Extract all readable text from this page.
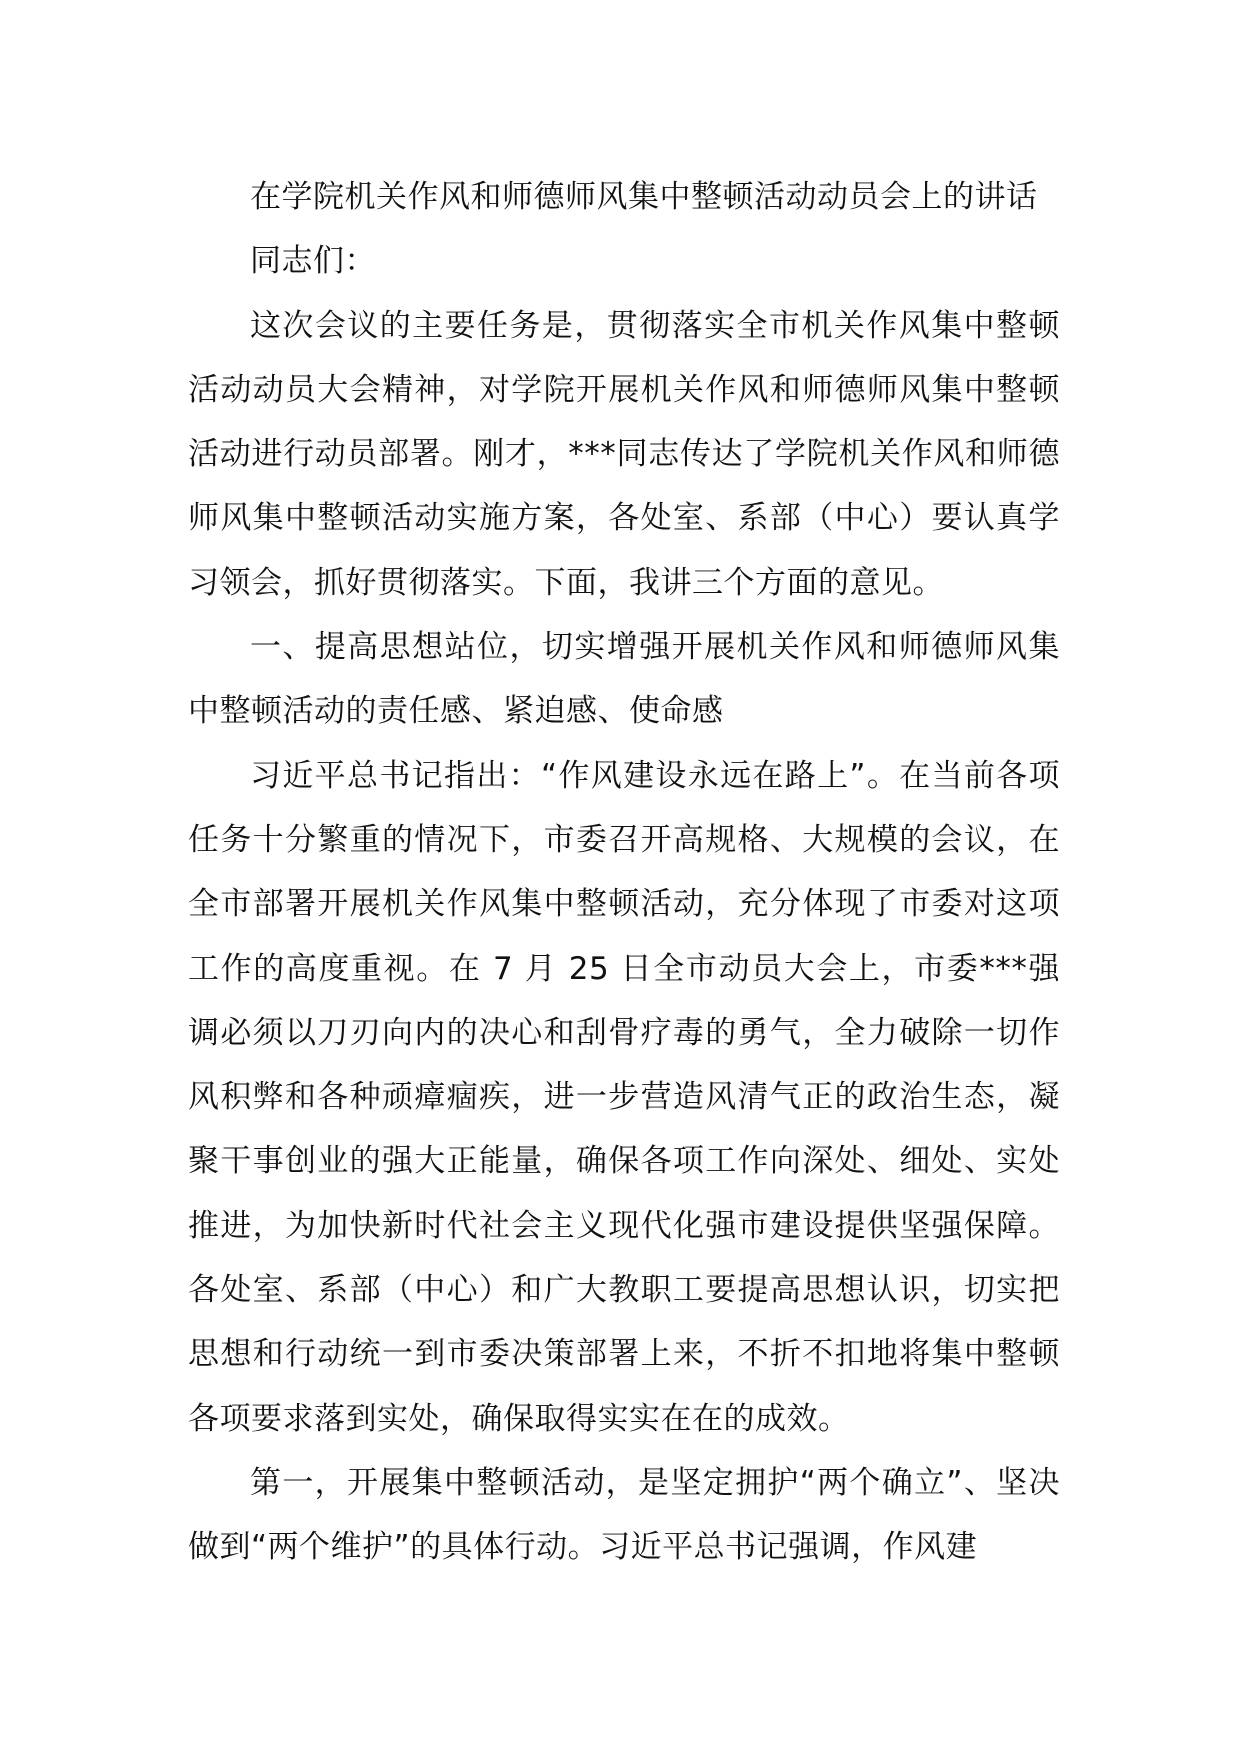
在学院机关作风和师德师风集中整顿活动动员会上的讲话

同志们：

这次会议的主要任务是，贯彻落实全市机关作风集中整顿活动动员大会精神，对学院开展机关作风和师德师风集中整顿活动进行动员部署。刚才，***同志传达了学院机关作风和师德师风集中整顿活动实施方案，各处室、系部（中心）要认真学习领会，抓好贯彻落实。下面，我讲三个方面的意见。

一、提高思想站位，切实增强开展机关作风和师德师风集中整顿活动的责任感、紧迫感、使命感

习近平总书记指出：“作风建设永远在路上”。在当前各项任务十分繁重的情况下，市委召开高规格、大规模的会议，在全市部署开展机关作风集中整顿活动，充分体现了市委对这项工作的高度重视。在 7 月 25 日全市动员大会上，市委***强调必须以刀刃向内的决心和刮骨疗毒的勇气，全力破除一切作风积弊和各种顽瘴痼疾，进一步营造风清气正的政治生态，凝聚干事创业的强大正能量，确保各项工作向深处、细处、实处推进，为加快新时代社会主义现代化强市建设提供坚强保障。各处室、系部（中心）和广大教职工要提高思想认识，切实把思想和行动统一到市委决策部署上来，不折不扣地将集中整顿各项要求落到实处，确保取得实实在在的成效。

第一，开展集中整顿活动，是坚定拥护“两个确立”、坚决做到“两个维护”的具体行动。习近平总书记强调，作风建
